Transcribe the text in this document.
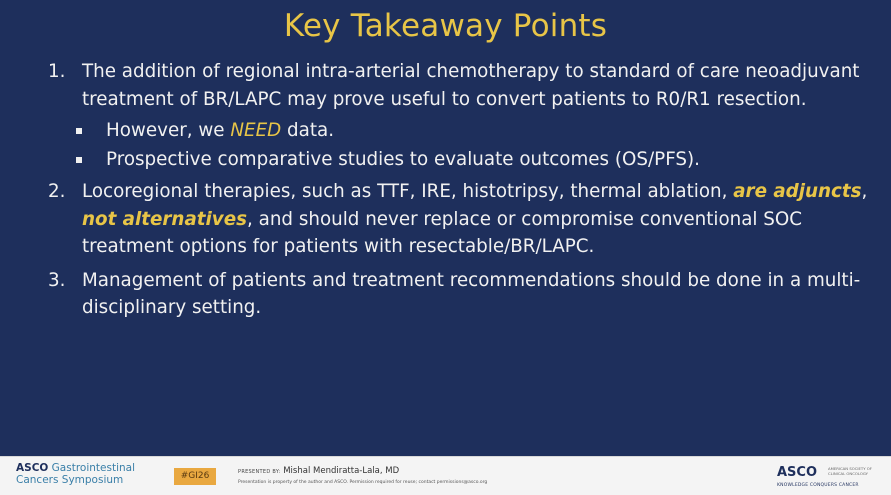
Key Takeaway Points
1. The addition of regional intra-arterial chemotherapy to standard of care neoadjuvant treatment of BR/LAPC may prove useful to convert patients to R0/R1 resection.
However, we NEED data.
Prospective comparative studies to evaluate outcomes (OS/PFS).
2. Locoregional therapies, such as TTF, IRE, histotripsy, thermal ablation, are adjuncts, not alternatives, and should never replace or compromise conventional SOC treatment options for patients with resectable/BR/LAPC.
3. Management of patients and treatment recommendations should be done in a multi-disciplinary setting.
ASCO Gastrointestinal
Cancers Symposium	#GI26	PRESENTED BY: Mishal Mendiratta-Lala, MD
Presentation is property of the author and ASCO. Permission required for reuse; contact permissions@asco.org
ASCO	AMERICAN SOCIETY OF CLINICAL ONCOLOGY
KNOWLEDGE CONQUERS CANCER
